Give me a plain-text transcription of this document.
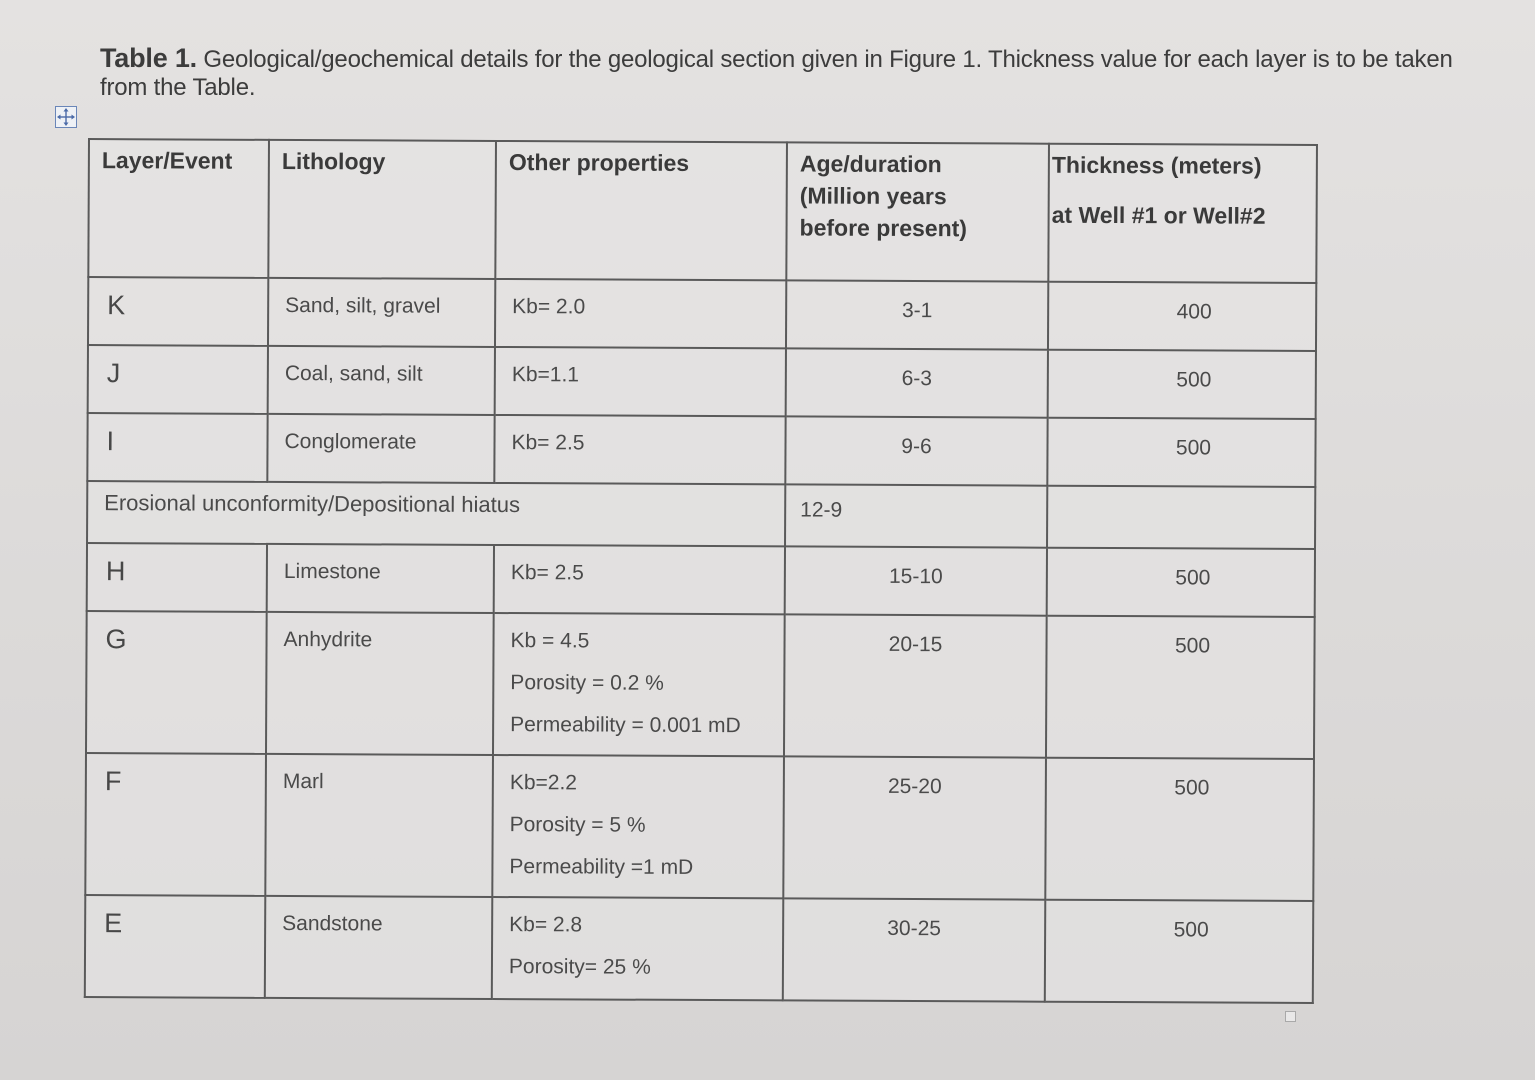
Table 1. Geological/geochemical details for the geological section given in Figure 1. Thickness value for each layer is to be taken from the Table.
Layer/Event	Lithology	Other properties	Age/duration
(Million years
before present)	Thickness (meters)
at Well #1 or Well#2

K	Sand, silt, gravel	Kb= 2.0	3-1	400

J	Coal, sand, silt	Kb=1.1	6-3	500

I	Conglomerate	Kb= 2.5	9-6	500

Erosional unconformity/Depositional hiatus			12-9	

H	Limestone	Kb= 2.5	15-10	500

G	Anhydrite	Kb = 4.5
Porosity = 0.2 %
Permeability = 0.001 mD	20-15	500

F	Marl	Kb=2.2
Porosity = 5 %
Permeability =1 mD	25-20	500

E	Sandstone	Kb= 2.8
Porosity= 25 %	30-25	500
